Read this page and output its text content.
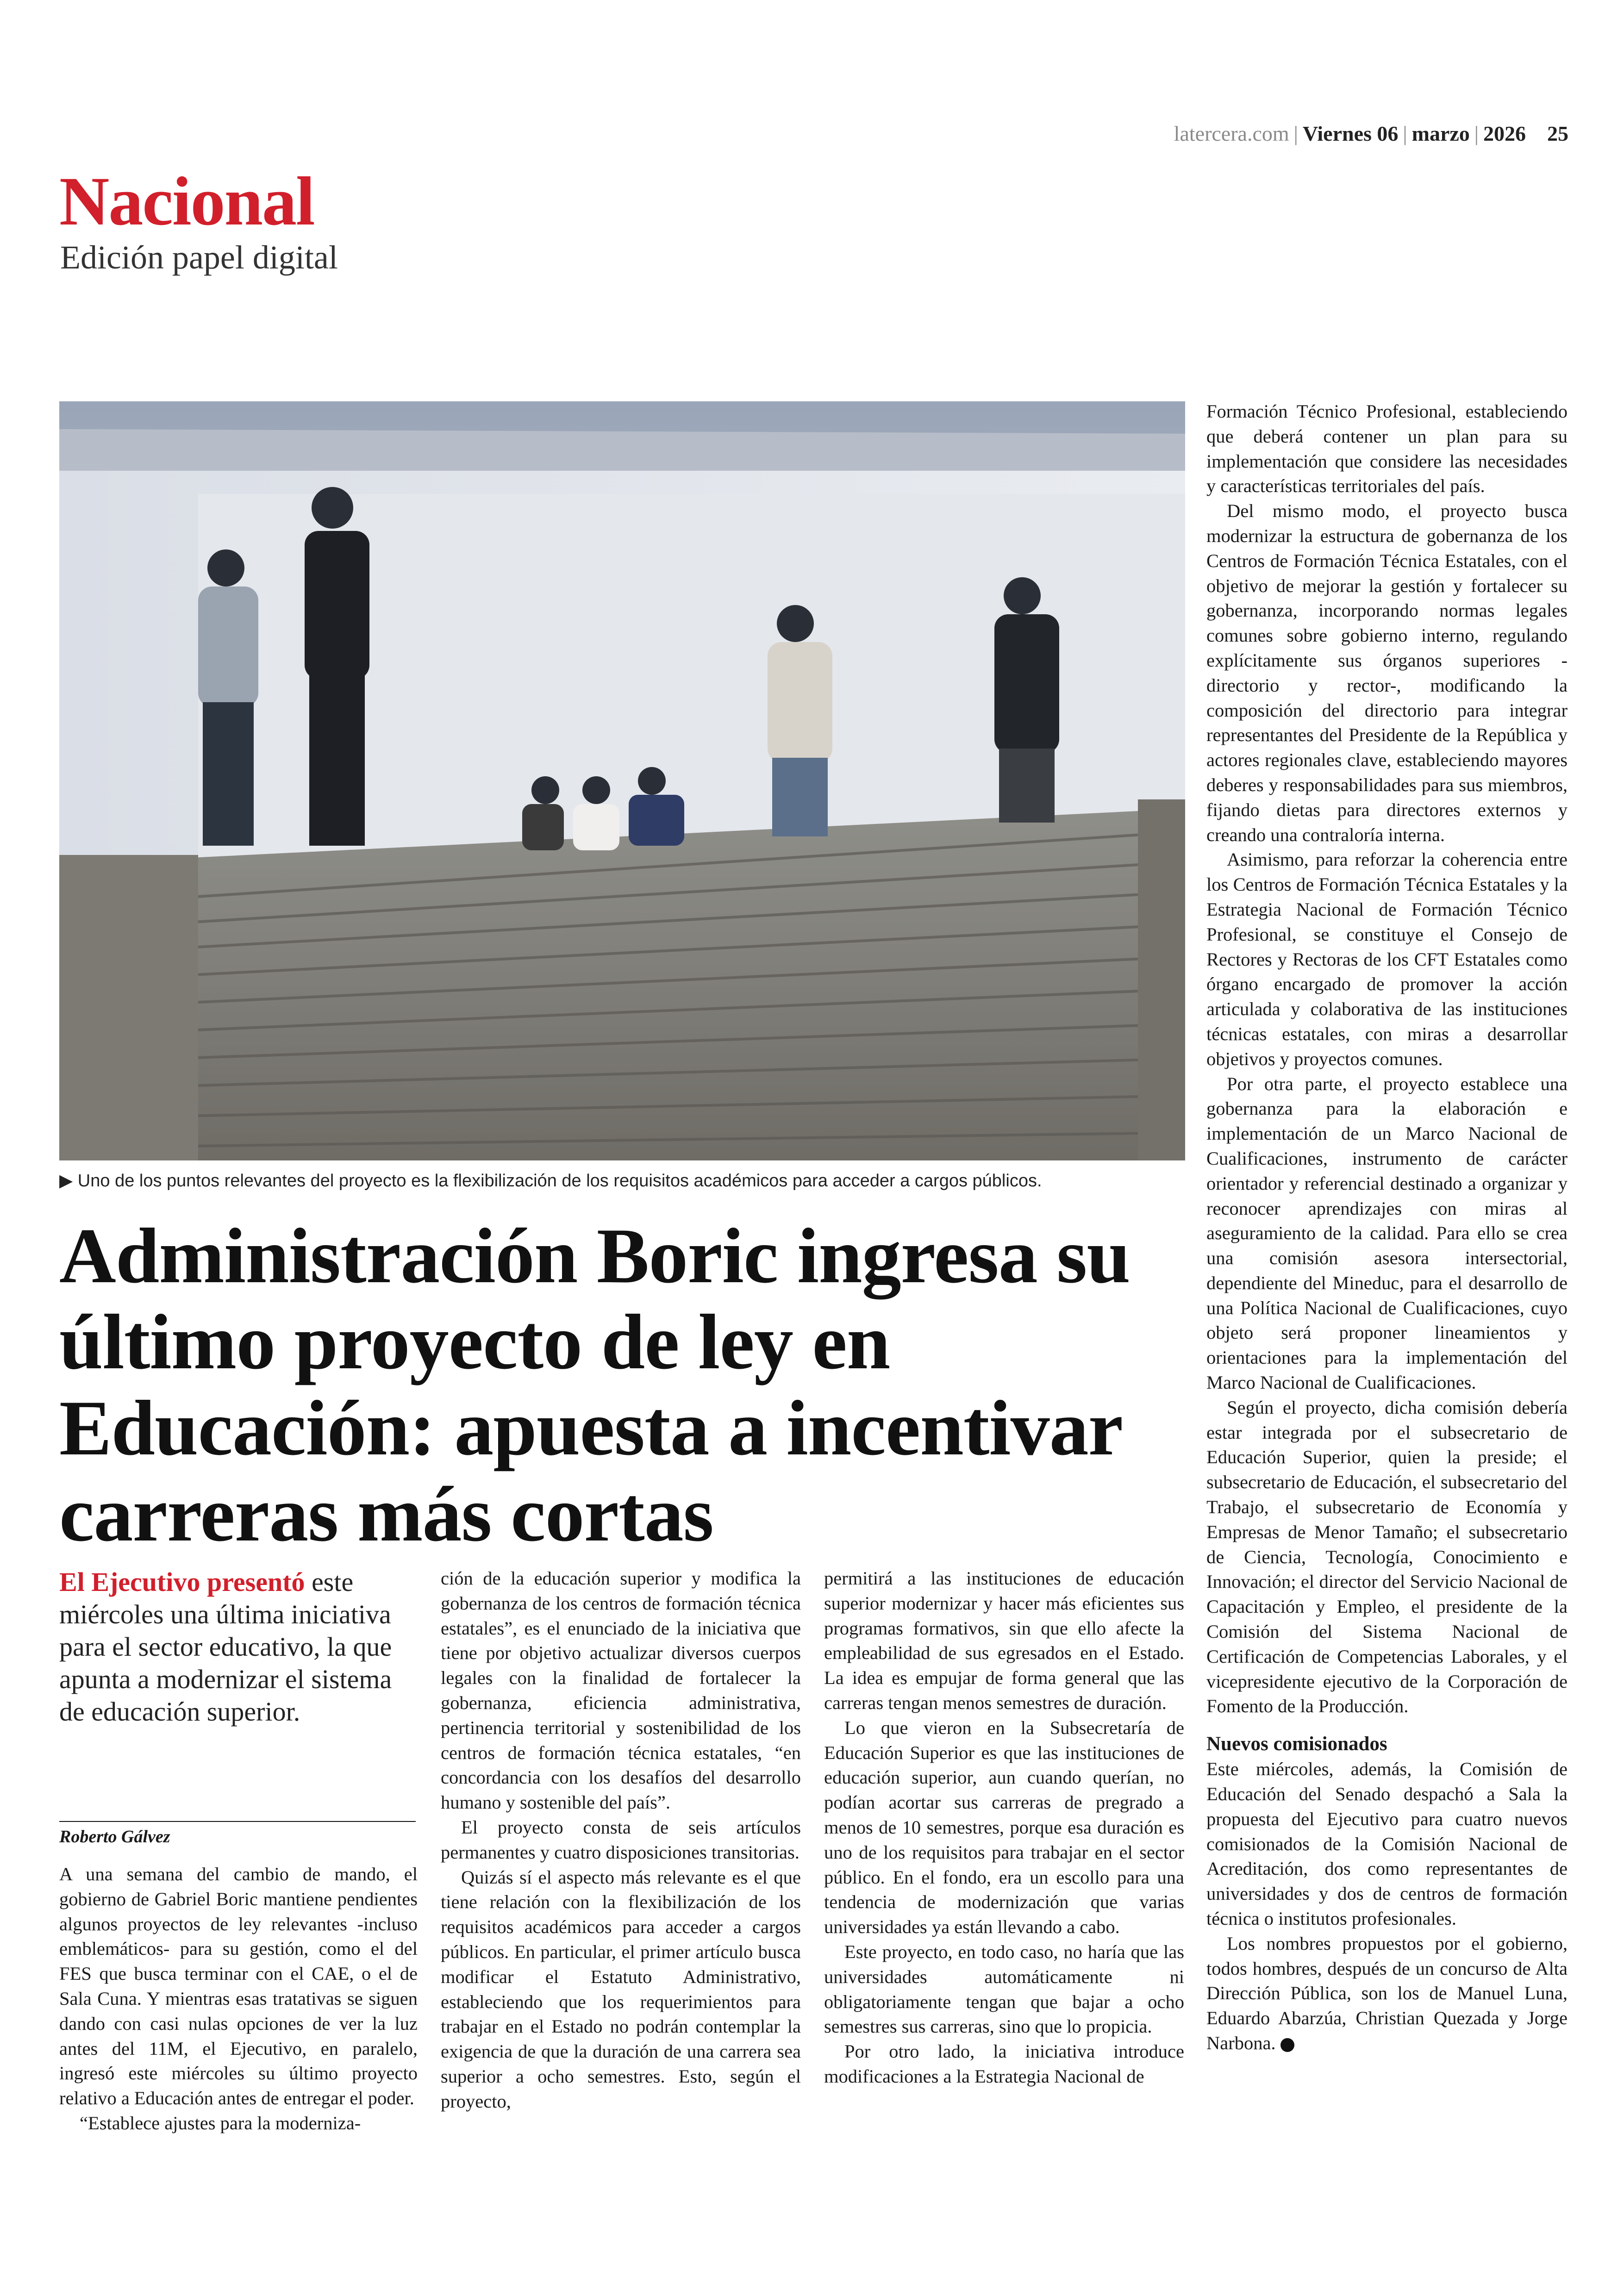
latercera.com | Viernes 06 | marzo | 2026 25
Nacional
Edición papel digital
▶ Uno de los puntos relevantes del proyecto es la flexibilización de los requisitos académicos para acceder a cargos públicos.
Administración Boric ingresa su último proyecto de ley en Educación: apuesta a incentivar carreras más cortas
El Ejecutivo presentó este miércoles una última iniciativa para el sector educativo, la que apunta a modernizar el sistema de educación superior.
Roberto Gálvez

A una semana del cambio de mando, el gobierno de Gabriel Boric mantiene pendientes algunos proyectos de ley relevantes -incluso emblemáticos- para su gestión, como el del FES que busca terminar con el CAE, o el de Sala Cuna. Y mientras esas tratativas se siguen dando con casi nulas opciones de ver la luz antes del 11M, el Ejecutivo, en paralelo, ingresó este miércoles su último proyecto relativo a Educación antes de entregar el poder.

“Establece ajustes para la moderniza-

ción de la educación superior y modifica la gobernanza de los centros de formación técnica estatales”, es el enunciado de la iniciativa que tiene por objetivo actualizar diversos cuerpos legales con la finalidad de fortalecer la gobernanza, eficiencia administrativa, pertinencia territorial y sostenibilidad de los centros de formación técnica estatales, “en concordancia con los desafíos del desarrollo humano y sostenible del país”.

El proyecto consta de seis artículos permanentes y cuatro disposiciones transitorias.

Quizás sí el aspecto más relevante es el que tiene relación con la flexibilización de los requisitos académicos para acceder a cargos públicos. En particular, el primer artículo busca modificar el Estatuto Administrativo, estableciendo que los requerimientos para trabajar en el Estado no podrán contemplar la exigencia de que la duración de una carrera sea superior a ocho semestres. Esto, según el proyecto,

permitirá a las instituciones de educación superior modernizar y hacer más eficientes sus programas formativos, sin que ello afecte la empleabilidad de sus egresados en el Estado. La idea es empujar de forma general que las carreras tengan menos semestres de duración.

Lo que vieron en la Subsecretaría de Educación Superior es que las instituciones de educación superior, aun cuando querían, no podían acortar sus carreras de pregrado a menos de 10 semestres, porque esa duración es uno de los requisitos para trabajar en el sector público. En el fondo, era un escollo para una tendencia de modernización que varias universidades ya están llevando a cabo.

Este proyecto, en todo caso, no haría que las universidades automáticamente ni obligatoriamente tengan que bajar a ocho semestres sus carreras, sino que lo propicia.

Por otro lado, la iniciativa introduce modificaciones a la Estrategia Nacional de

Formación Técnico Profesional, estableciendo que deberá contener un plan para su implementación que considere las necesidades y características territoriales del país.

Del mismo modo, el proyecto busca modernizar la estructura de gobernanza de los Centros de Formación Técnica Estatales, con el objetivo de mejorar la gestión y fortalecer su gobernanza, incorporando normas legales comunes sobre gobierno interno, regulando explícitamente sus órganos superiores -directorio y rector-, modificando la composición del directorio para integrar representantes del Presidente de la República y actores regionales clave, estableciendo mayores deberes y responsabilidades para sus miembros, fijando dietas para directores externos y creando una contraloría interna.

Asimismo, para reforzar la coherencia entre los Centros de Formación Técnica Estatales y la Estrategia Nacional de Formación Técnico Profesional, se constituye el Consejo de Rectores y Rectoras de los CFT Estatales como órgano encargado de promover la acción articulada y colaborativa de las instituciones técnicas estatales, con miras a desarrollar objetivos y proyectos comunes.

Por otra parte, el proyecto establece una gobernanza para la elaboración e implementación de un Marco Nacional de Cualificaciones, instrumento de carácter orientador y referencial destinado a organizar y reconocer aprendizajes con miras al aseguramiento de la calidad. Para ello se crea una comisión asesora intersectorial, dependiente del Mineduc, para el desarrollo de una Política Nacional de Cualificaciones, cuyo objeto será proponer lineamientos y orientaciones para la implementación del Marco Nacional de Cualificaciones.

Según el proyecto, dicha comisión debería estar integrada por el subsecretario de Educación Superior, quien la preside; el subsecretario de Educación, el subsecretario del Trabajo, el subsecretario de Economía y Empresas de Menor Tamaño; el subsecretario de Ciencia, Tecnología, Conocimiento e Innovación; el director del Servicio Nacional de Capacitación y Empleo, el presidente de la Comisión del Sistema Nacional de Certificación de Competencias Laborales, y el vicepresidente ejecutivo de la Corporación de Fomento de la Producción.

Nuevos comisionados

Este miércoles, además, la Comisión de Educación del Senado despachó a Sala la propuesta del Ejecutivo para cuatro nuevos comisionados de la Comisión Nacional de Acreditación, dos como representantes de universidades y dos de centros de formación técnica o institutos profesionales.

Los nombres propuestos por el gobierno, todos hombres, después de un concurso de Alta Dirección Pública, son los de Manuel Luna, Eduardo Abarzúa, Christian Quezada y Jorge Narbona.
